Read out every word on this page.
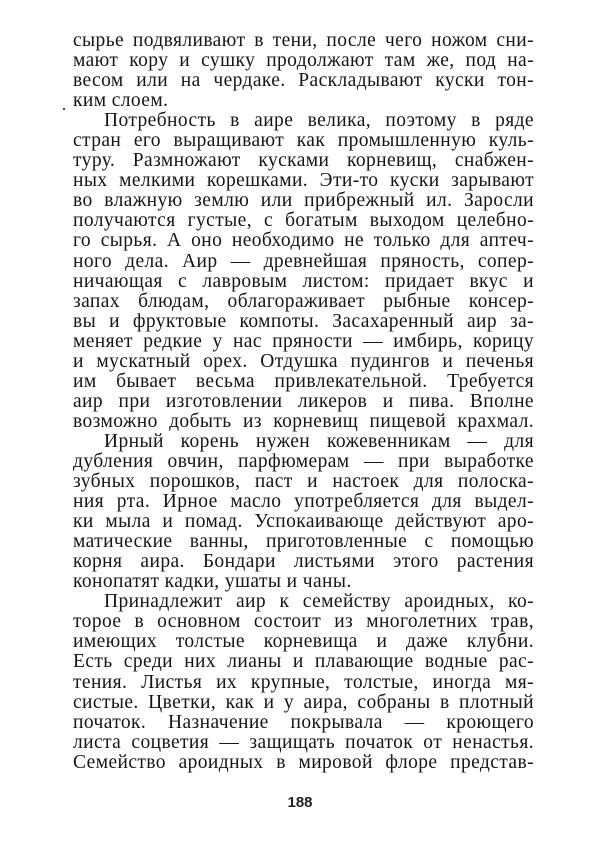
сырье подвяливают в тени, после чего ножом сни-
мают кору и сушку продолжают там же, под на-
весом или на чердаке. Раскладывают куски тон-
ким слоем.
Потребность в аире велика, поэтому в ряде
стран его выращивают как промышленную куль-
туру. Размножают кусками корневищ, снабжен-
ных мелкими корешками. Эти-то куски зарывают
во влажную землю или прибрежный ил. Заросли
получаются густые, с богатым выходом целебно-
го сырья. А оно необходимо не только для аптеч-
ного дела. Аир — древнейшая пряность, сопер-
ничающая с лавровым листом: придает вкус и
запах блюдам, облагораживает рыбные консер-
вы и фруктовые компоты. Засахаренный аир за-
меняет редкие у нас пряности — имбирь, корицу
и мускатный орех. Отдушка пудингов и печенья
им бывает весьма привлекательной. Требуется
аир при изготовлении ликеров и пива. Вполне
возможно добыть из корневищ пищевой крахмал.
Ирный корень нужен кожевенникам — для
дубления овчин, парфюмерам — при выработке
зубных порошков, паст и настоек для полоска-
ния рта. Ирное масло употребляется для выдел-
ки мыла и помад. Успокаивающе действуют аро-
матические ванны, приготовленные с помощью
корня аира. Бондари листьями этого растения
конопатят кадки, ушаты и чаны.
Принадлежит аир к семейству ароидных, ко-
торое в основном состоит из многолетних трав,
имеющих толстые корневища и даже клубни.
Есть среди них лианы и плавающие водные рас-
тения. Листья их крупные, толстые, иногда мя-
систые. Цветки, как и у аира, собраны в плотный
початок. Назначение покрывала — кроющего
листа соцветия — защищать початок от ненастья.
Семейство ароидных в мировой флоре представ-
188
